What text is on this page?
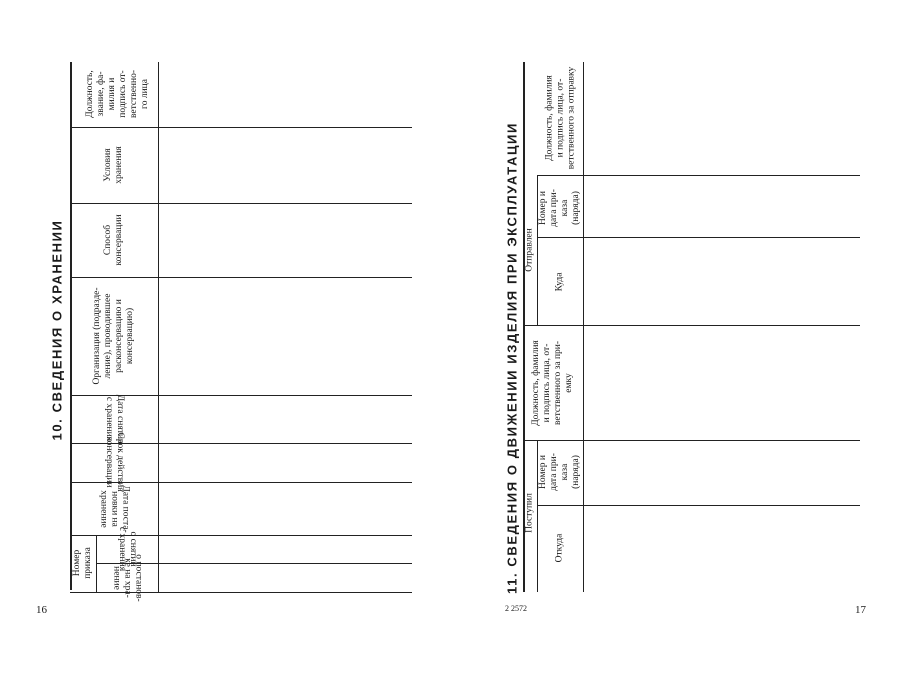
10. СВЕДЕНИЯ О ХРАНЕНИИ
Должность,
звание, фа-
милия и
подпись от-
ветственно-
го лица
Условия
хранения
Способ
консервации
Организация (подразде-
ление), проводившее
расконсервацию и
консервацию)
Дата снятия
с хранения
Срок действия
консервации
Дата поста-
новки на
хранение
Номер
приказа
о снятии
с хранения о постанов-
ке на хра-
нение
16
11. СВЕДЕНИЯ О ДВИЖЕНИИ ИЗДЕЛИЯ ПРИ ЭКСПЛУАТАЦИИ	Должность, фамилия
и подпись лица, от-
ветственного за отправку
Номер и
дата при-
каза
(наряда)
Куда
Отправлен
Должность, фамилия
и подпись лица, от-
ветственного за при-
емку
Номер и
дата при-
каза
(наряда)
Откуда
Поступил
2 2572	17
